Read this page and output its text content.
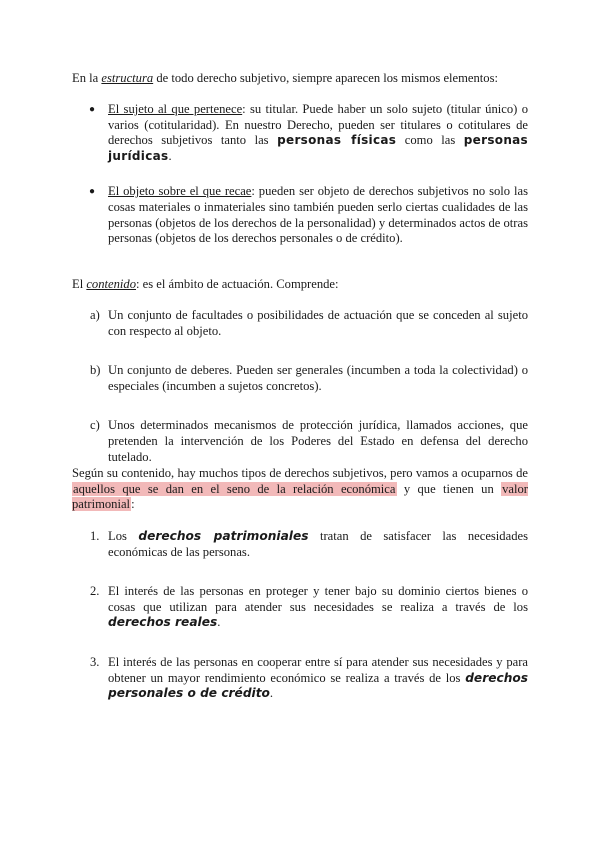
En la estructura de todo derecho subjetivo, siempre aparecen los mismos elementos:

● El sujeto al que pertenece: su titular. Puede haber un solo sujeto (titular único) o varios (cotitularidad). En nuestro Derecho, pueden ser titulares o cotitulares de derechos subjetivos tanto las personas físicas como las personas jurídicas.
● El objeto sobre el que recae: pueden ser objeto de derechos subjetivos no solo las cosas materiales o inmateriales sino también pueden serlo ciertas cualidades de las personas (objetos de los derechos de la personalidad) y determinados actos de otras personas (objetos de los derechos personales o de crédito).

El contenido: es el ámbito de actuación. Comprende:

a) Un conjunto de facultades o posibilidades de actuación que se conceden al sujeto con respecto al objeto.
b) Un conjunto de deberes. Pueden ser generales (incumben a toda la colectividad) o especiales (incumben a sujetos concretos).
c) Unos determinados mecanismos de protección jurídica, llamados acciones, que pretenden la intervención de los Poderes del Estado en defensa del derecho tutelado.

Según su contenido, hay muchos tipos de derechos subjetivos, pero vamos a ocuparnos de aquellos que se dan en el seno de la relación económica y que tienen un valor patrimonial:

1. Los derechos patrimoniales tratan de satisfacer las necesidades económicas de las personas.
2. El interés de las personas en proteger y tener bajo su dominio ciertos bienes o cosas que utilizan para atender sus necesidades se realiza a través de los derechos reales.
3. El interés de las personas en cooperar entre sí para atender sus necesidades y para obtener un mayor rendimiento económico se realiza a través de los derechos personales o de crédito.
